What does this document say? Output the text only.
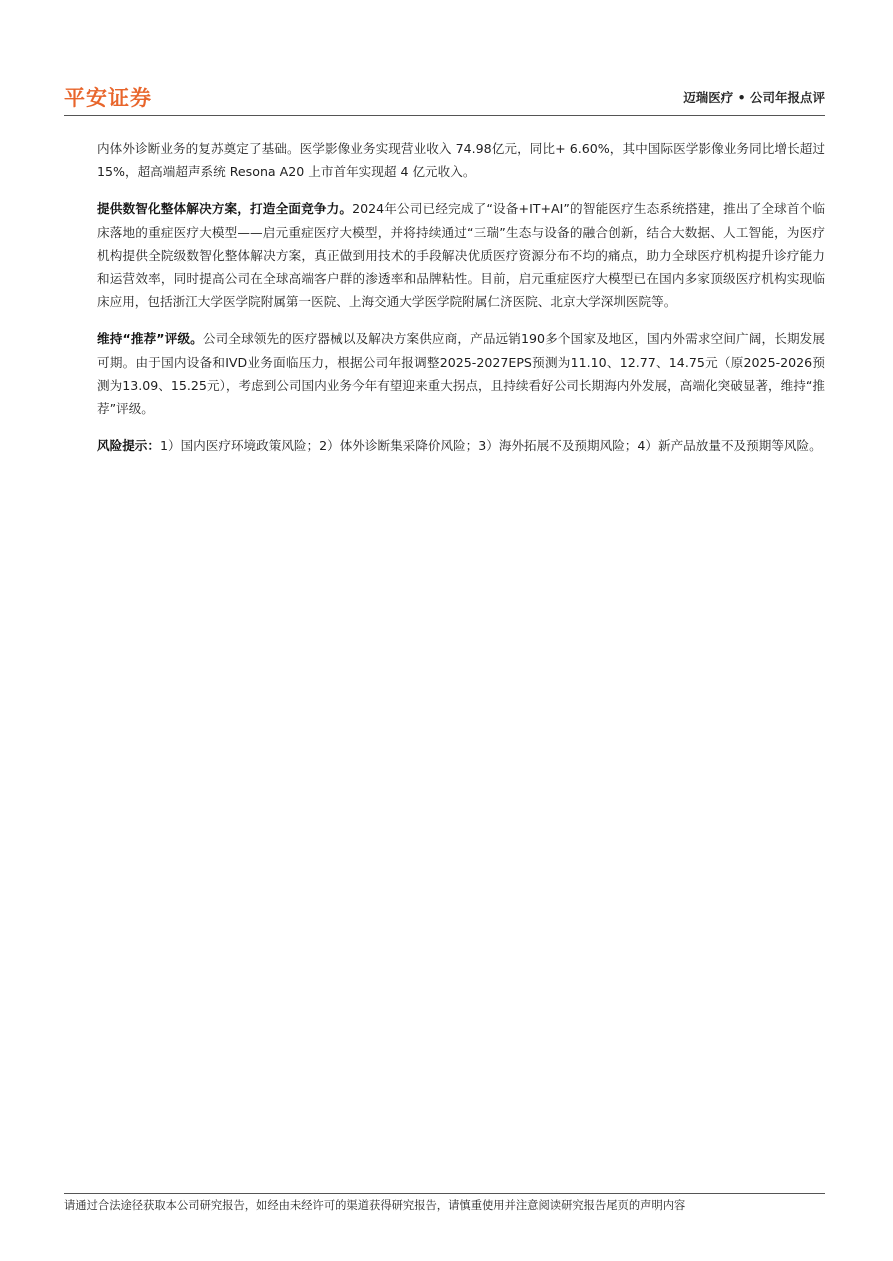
平安证券	迈瑞医疗 • 公司年报点评

内体外诊断业务的复苏奠定了基础。医学影像业务实现营业收入 74.98亿元，同比+ 6.60%，其中国际医学影像业务同比增长超过 15%，超高端超声系统 Resona A20 上市首年实现超 4 亿元收入。

提供数智化整体解决方案，打造全面竞争力。2024年公司已经完成了“设备+IT+AI”的智能医疗生态系统搭建，推出了全球首个临床落地的重症医疗大模型——启元重症医疗大模型，并将持续通过“三瑞”生态与设备的融合创新，结合大数据、人工智能，为医疗机构提供全院级数智化整体解决方案，真正做到用技术的手段解决优质医疗资源分布不均的痛点，助力全球医疗机构提升诊疗能力和运营效率，同时提高公司在全球高端客户群的渗透率和品牌粘性。目前，启元重症医疗大模型已在国内多家顶级医疗机构实现临床应用，包括浙江大学医学院附属第一医院、上海交通大学医学院附属仁济医院、北京大学深圳医院等。

维持“推荐”评级。公司全球领先的医疗器械以及解决方案供应商，产品远销190多个国家及地区，国内外需求空间广阔，长期发展可期。由于国内设备和IVD业务面临压力，根据公司年报调整2025-2027EPS预测为11.10、12.77、14.75元（原2025-2026预测为13.09、15.25元），考虑到公司国内业务今年有望迎来重大拐点，且持续看好公司长期海内外发展，高端化突破显著，维持“推荐”评级。

风险提示：1）国内医疗环境政策风险；2）体外诊断集采降价风险；3）海外拓展不及预期风险；4）新产品放量不及预期等风险。

请通过合法途径获取本公司研究报告，如经由未经许可的渠道获得研究报告，请慎重使用并注意阅读研究报告尾页的声明内容
